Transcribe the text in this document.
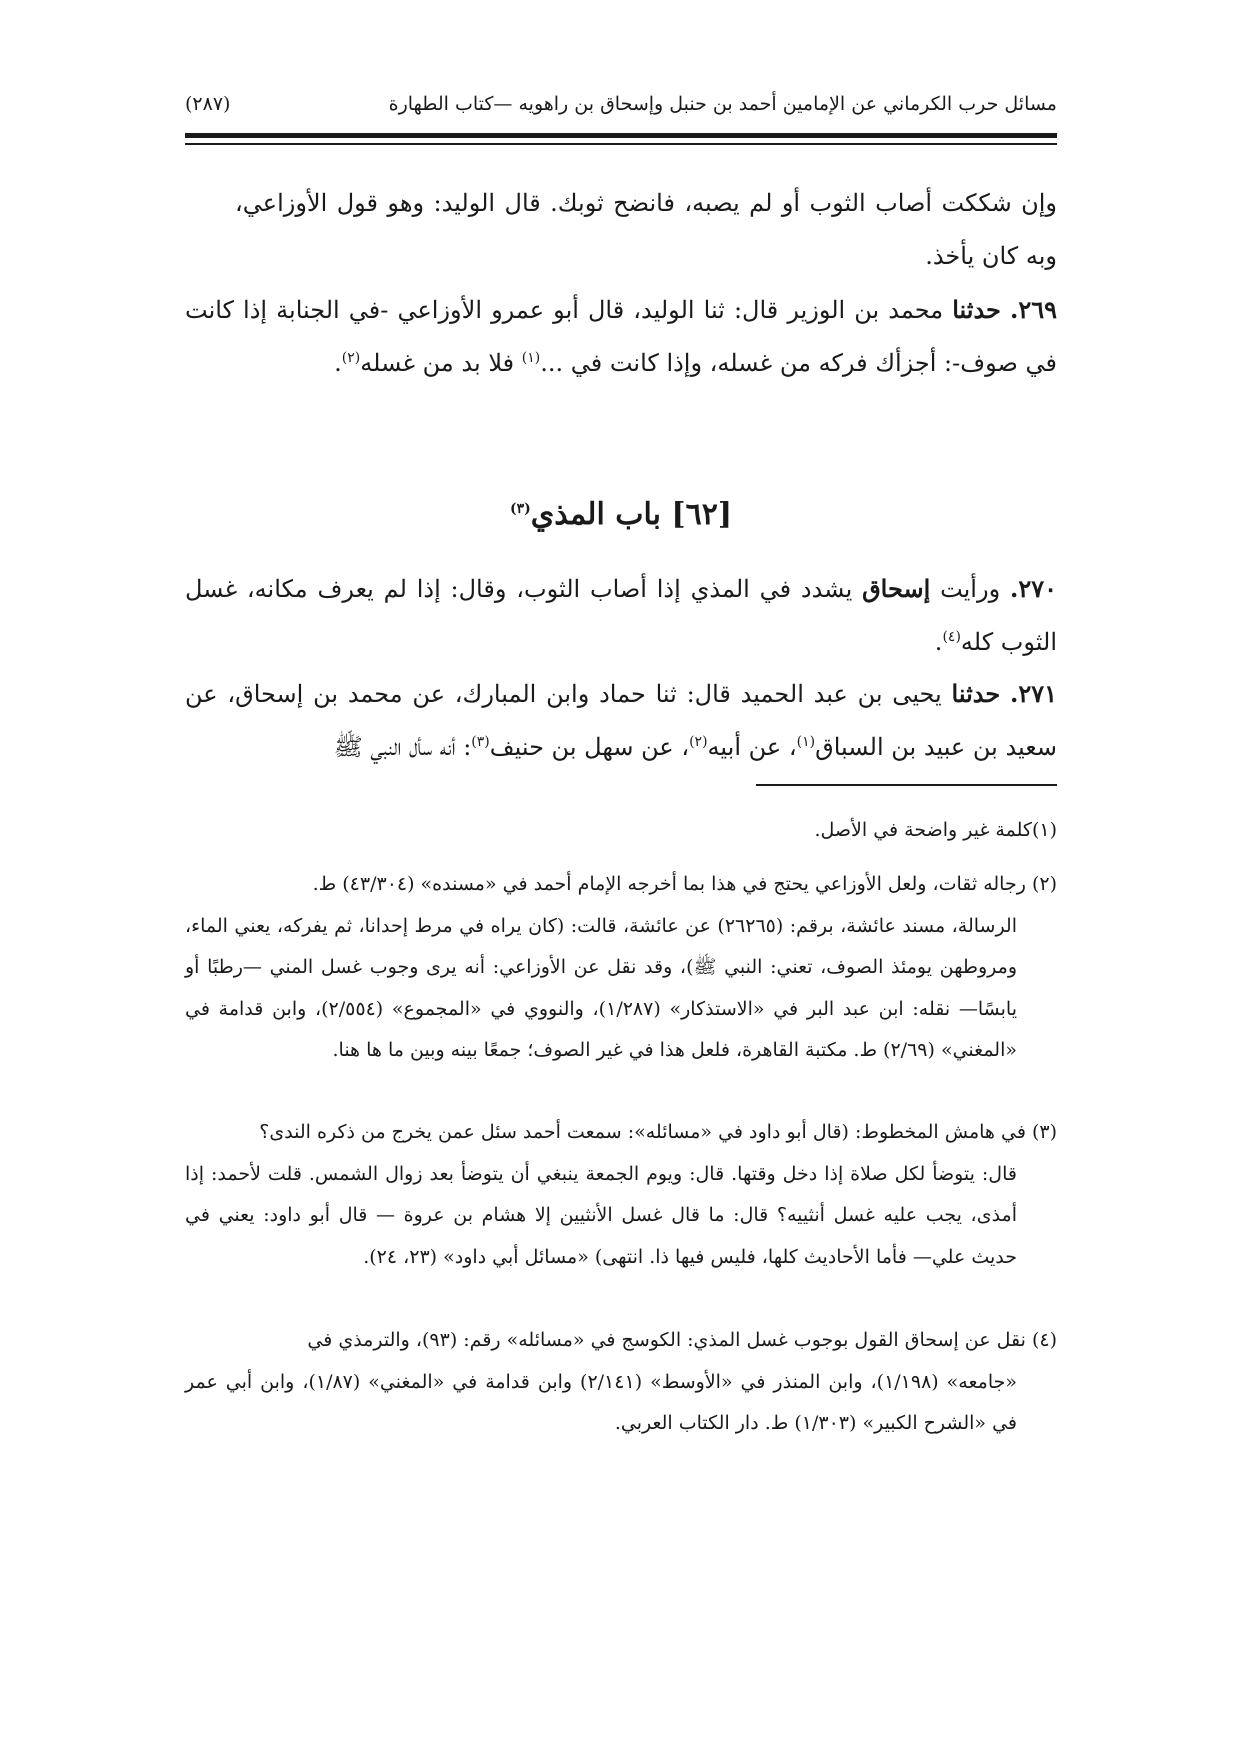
مسائل حرب الكرماني عن الإمامين أحمد بن حنبل وإسحاق بن راهويه —كتاب الطهارة
(٢٨٧)
وإن شككت أصاب الثوب أو لم يصبه، فانضح ثوبك. قال الوليد: وهو قول الأوزاعي، وبه كان يأخذ.
٢٦٩. حدثنا محمد بن الوزير قال: ثنا الوليد، قال أبو عمرو الأوزاعي -في الجنابة إذا كانت في صوف-: أجزأك فركه من غسله، وإذا كانت في ...$^{(١)}$ فلا بد من غسله$^{(٢)}$.
[٦٢] باب المذي$^{(٣)}$
٢٧٠. ورأيت إسحاق يشدد في المذي إذا أصاب الثوب، وقال: إذا لم يعرف مكانه، غسل الثوب كله$^{(٤)}$.
٢٧١. حدثنا يحيى بن عبد الحميد قال: ثنا حماد وابن المبارك، عن محمد بن إسحاق، عن سعيد بن عبيد بن السباق$^{(١)}$، عن أبيه$^{(٢)}$، عن سهل بن حنيف$^{(٣)}$: أنه سأل النبي ﷺ
(١)كلمة غير واضحة في الأصل.
(٢) رجاله ثقات، ولعل الأوزاعي يحتج في هذا بما أخرجه الإمام أحمد في «مسنده» (٤٣/٣٠٤) ط.
الرسالة، مسند عائشة، برقم: (٢٦٢٦٥) عن عائشة، قالت: (كان يراه في مرط إحدانا، ثم يفركه، يعني الماء، ومروطهن يومئذ الصوف، تعني: النبي ﷺ)، وقد نقل عن الأوزاعي: أنه يرى وجوب غسل المني —رطبًا أو يابسًا— نقله: ابن عبد البر في «الاستذكار» (١/٢٨٧)، والنووي في «المجموع» (٢/٥٥٤)، وابن قدامة في «المغني» (٢/٦٩) ط. مكتبة القاهرة، فلعل هذا في غير الصوف؛ جمعًا بينه وبين ما ها هنا.
(٣) في هامش المخطوط: (قال أبو داود في «مسائله»: سمعت أحمد سئل عمن يخرج من ذكره الندى؟
قال: يتوضأ لكل صلاة إذا دخل وقتها. قال: ويوم الجمعة ينبغي أن يتوضأ بعد زوال الشمس. قلت لأحمد: إذا أمذى، يجب عليه غسل أنثييه؟ قال: ما قال غسل الأنثيين إلا هشام بن عروة — قال أبو داود: يعني في حديث علي— فأما الأحاديث كلها، فليس فيها ذا. انتهى) «مسائل أبي داود» (٢٣، ٢٤).
(٤) نقل عن إسحاق القول بوجوب غسل المذي: الكوسج في «مسائله» رقم: (٩٣)، والترمذي في
«جامعه» (١/١٩٨)، وابن المنذر في «الأوسط» (٢/١٤١) وابن قدامة في «المغني» (١/٨٧)، وابن أبي عمر في «الشرح الكبير» (١/٣٠٣) ط. دار الكتاب العربي.
